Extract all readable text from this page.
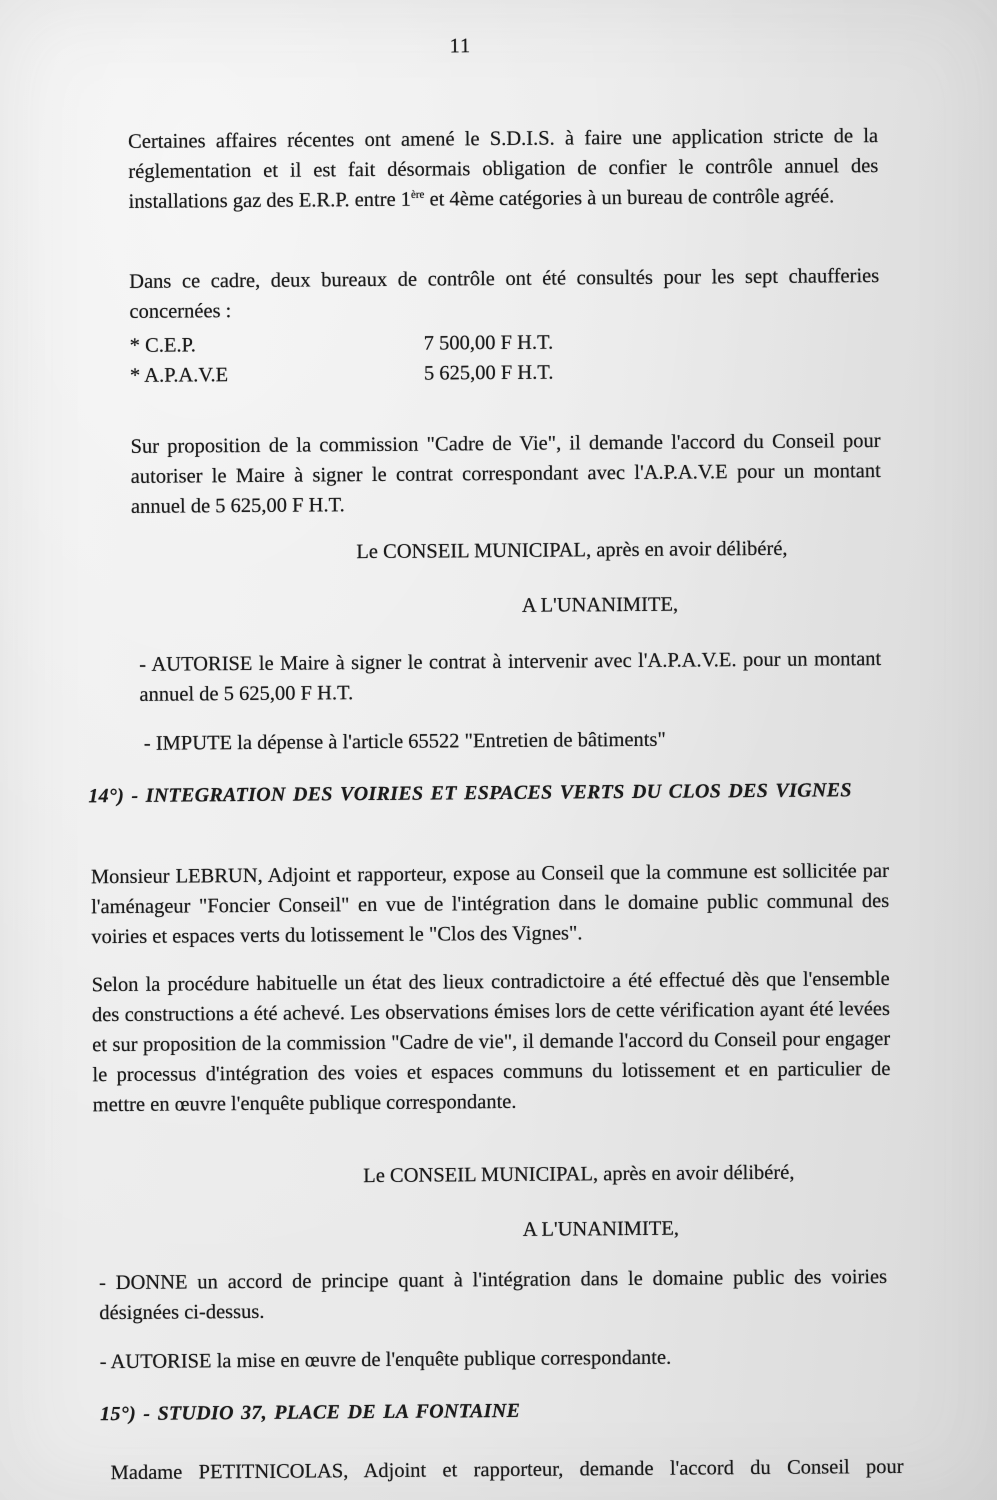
11

Certaines affaires récentes ont amené le S.D.I.S. à faire une application stricte de la réglementation et il est fait désormais obligation de confier le contrôle annuel des installations gaz des E.R.P. entre 1ère et 4ème catégories à un bureau de contrôle agréé.

Dans ce cadre, deux bureaux de contrôle ont été consultés pour les sept chaufferies concernées :

* C.E.P.	7 500,00 F H.T.
* A.P.A.V.E	5 625,00 F H.T.

Sur proposition de la commission "Cadre de Vie", il demande l'accord du Conseil pour autoriser le Maire à signer le contrat correspondant avec l'A.P.A.V.E pour un montant annuel de 5 625,00 F H.T.

Le CONSEIL MUNICIPAL, après en avoir délibéré,

A L'UNANIMITE,

- AUTORISE le Maire à signer le contrat à intervenir avec l'A.P.A.V.E. pour un montant annuel de 5 625,00 F H.T.

- IMPUTE la dépense à l'article 65522 "Entretien de bâtiments"

14°) - INTEGRATION DES VOIRIES ET ESPACES VERTS DU CLOS DES VIGNES

Monsieur LEBRUN, Adjoint et rapporteur, expose au Conseil que la commune est sollicitée par l'aménageur "Foncier Conseil" en vue de l'intégration dans le domaine public communal des voiries et espaces verts du lotissement le "Clos des Vignes".

Selon la procédure habituelle un état des lieux contradictoire a été effectué dès que l'ensemble des constructions a été achevé. Les observations émises lors de cette vérification ayant été levées et sur proposition de la commission "Cadre de vie", il demande l'accord du Conseil pour engager le processus d'intégration des voies et espaces communs du lotissement et en particulier de mettre en œuvre l'enquête publique correspondante.

Le CONSEIL MUNICIPAL, après en avoir délibéré,

A L'UNANIMITE,

- DONNE un accord de principe quant à l'intégration dans le domaine public des voiries désignées ci-dessus.

- AUTORISE la mise en œuvre de l'enquête publique correspondante.

15°) - STUDIO 37, PLACE DE LA FONTAINE

Madame PETITNICOLAS, Adjoint et rapporteur, demande l'accord du Conseil pour
